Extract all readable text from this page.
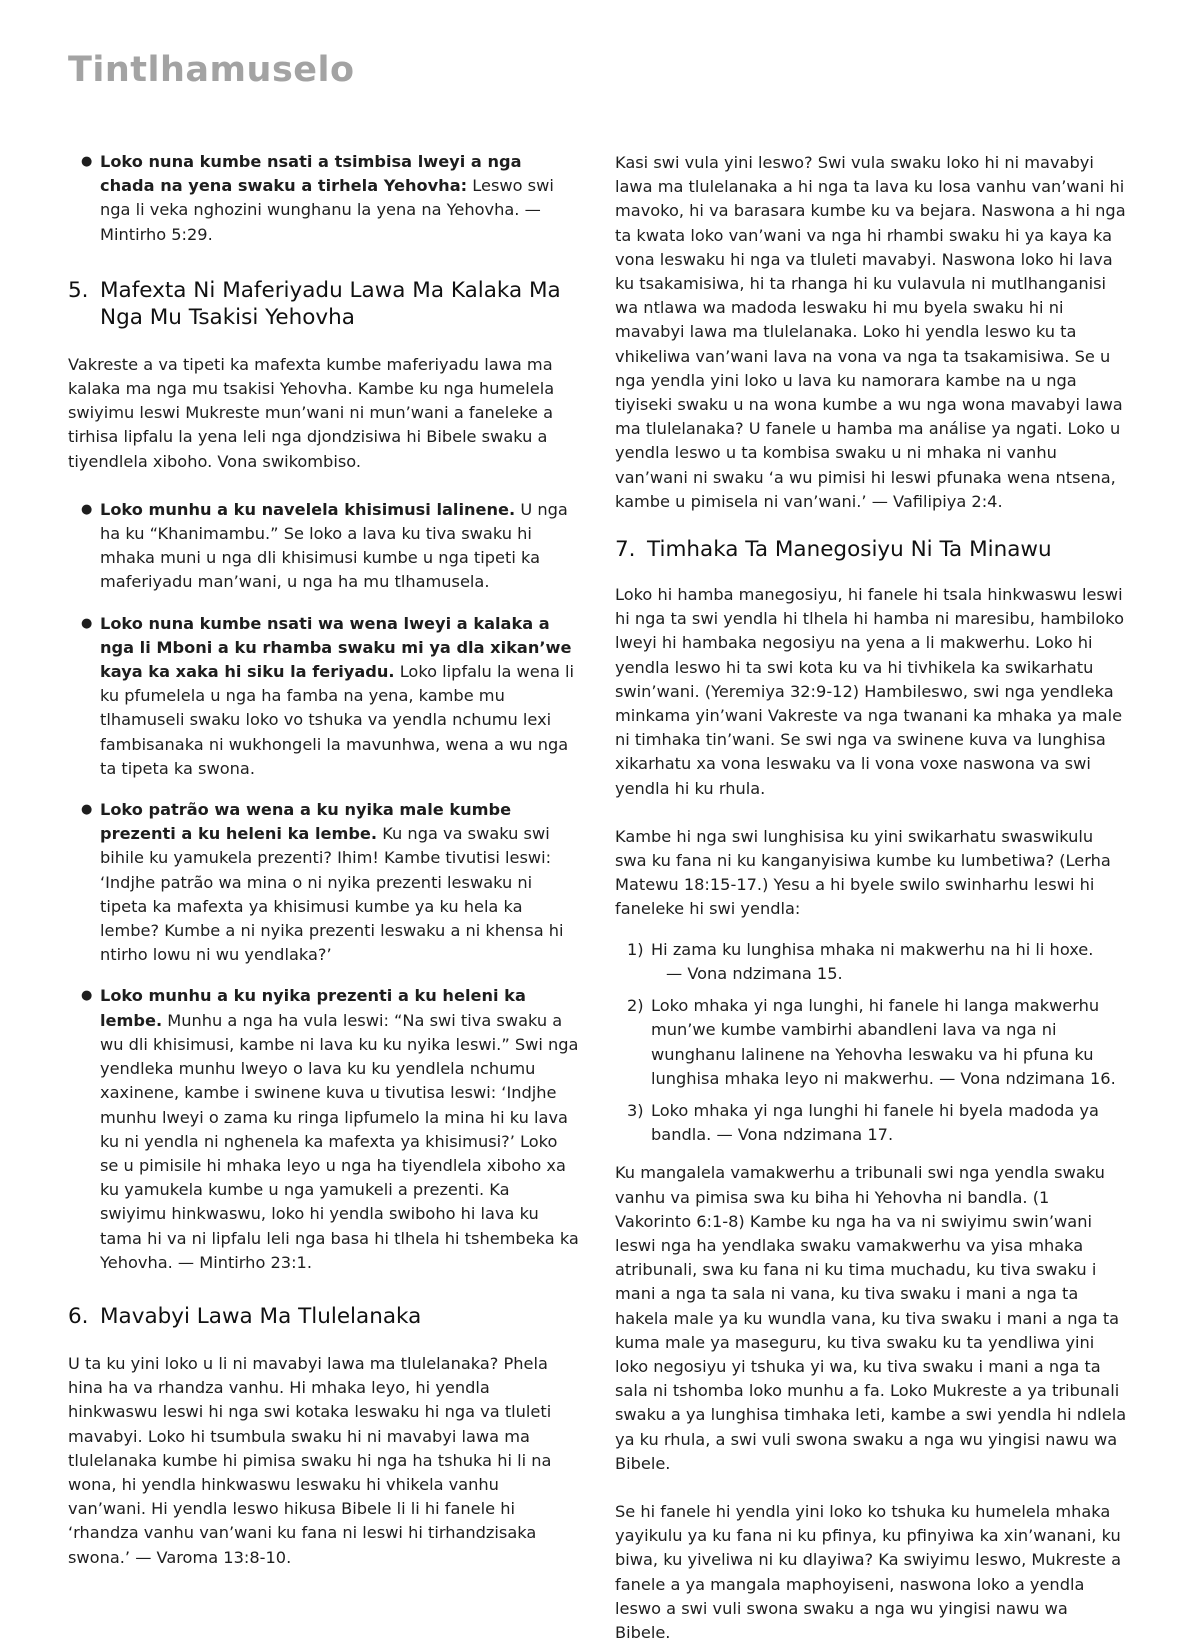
Tintlhamuselo
● Loko nuna kumbe nsati a tsimbisa lweyi a nga chada na yena swaku a tirhela Yehovha: Leswo swi nga li veka nghozini wunghanu la yena na Yehovha. — Mintirho 5:29.
5. Mafexta Ni Maferiyadu Lawa Ma Kalaka Ma Nga Mu Tsakisi Yehovha

Vakreste a va tipeti ka mafexta kumbe maferiyadu lawa ma kalaka ma nga mu tsakisi Yehovha. Kambe ku nga humelela swiyimu leswi Mukreste mun’wani ni mun’wani a faneleke a tirhisa lipfalu la yena leli nga djondzisiwa hi Bibele swaku a tiyendlela xiboho. Vona swikombiso.

● Loko munhu a ku navelela khisimusi lalinene. U nga ha ku “Khanimambu.” Se loko a lava ku tiva swaku hi mhaka muni u nga dli khisimusi kumbe u nga tipeti ka maferiyadu man’wani, u nga ha mu tlhamusela.
● Loko nuna kumbe nsati wa wena lweyi a kalaka a nga li Mboni a ku rhamba swaku mi ya dla xikan’we kaya ka xaka hi siku la feriyadu. Loko lipfalu la wena li ku pfumelela u nga ha famba na yena, kambe mu tlhamuseli swaku loko vo tshuka va yendla nchumu lexi fambisanaka ni wukhongeli la mavunhwa, wena a wu nga ta tipeta ka swona.
● Loko patrão wa wena a ku nyika male kumbe prezenti a ku heleni ka lembe. Ku nga va swaku swi bihile ku yamukela prezenti? Ihim! Kambe tivutisi leswi: ‘Indjhe patrão wa mina o ni nyika prezenti leswaku ni tipeta ka mafexta ya khisimusi kumbe ya ku hela ka lembe? Kumbe a ni nyika prezenti leswaku a ni khensa hi ntirho lowu ni wu yendlaka?’
● Loko munhu a ku nyika prezenti a ku heleni ka lembe. Munhu a nga ha vula leswi: “Na swi tiva swaku a wu dli khisimusi, kambe ni lava ku ku nyika leswi.” Swi nga yendleka munhu lweyo o lava ku ku yendlela nchumu xaxinene, kambe i swinene kuva u tivutisa leswi: ‘Indjhe munhu lweyi o zama ku ringa lipfumelo la mina hi ku lava ku ni yendla ni nghenela ka mafexta ya khisimusi?’ Loko se u pimisile hi mhaka leyo u nga ha tiyendlela xiboho xa ku yamukela kumbe u nga yamukeli a prezenti. Ka swiyimu hinkwaswu, loko hi yendla swiboho hi lava ku tama hi va ni lipfalu leli nga basa hi tlhela hi tshembeka ka Yehovha. — Mintirho 23:1.
6. Mavabyi Lawa Ma Tlulelanaka

U ta ku yini loko u li ni mavabyi lawa ma tlulelanaka? Phela hina ha va rhandza vanhu. Hi mhaka leyo, hi yendla hinkwaswu leswi hi nga swi kotaka leswaku hi nga va tluleti mavabyi. Loko hi tsumbula swaku hi ni mavabyi lawa ma tlulelanaka kumbe hi pimisa swaku hi nga ha tshuka hi li na wona, hi yendla hinkwaswu leswaku hi vhikela vanhu van’wani. Hi yendla leswo hikusa Bibele li li hi fanele hi ‘rhandza vanhu van’wani ku fana ni leswi hi tirhandzisaka swona.’ — Varoma 13:8-10.

Kasi swi vula yini leswo? Swi vula swaku loko hi ni mavabyi lawa ma tlulelanaka a hi nga ta lava ku losa vanhu van’wani hi mavoko, hi va barasara kumbe ku va bejara. Naswona a hi nga ta kwata loko van’wani va nga hi rhambi swaku hi ya kaya ka vona leswaku hi nga va tluleti mavabyi. Naswona loko hi lava ku tsakamisiwa, hi ta rhanga hi ku vulavula ni mutlhanganisi wa ntlawa wa madoda leswaku hi mu byela swaku hi ni mavabyi lawa ma tlulelanaka. Loko hi yendla leswo ku ta vhikeliwa van’wani lava na vona va nga ta tsakamisiwa. Se u nga yendla yini loko u lava ku namorara kambe na u nga tiyiseki swaku u na wona kumbe a wu nga wona mavabyi lawa ma tlulelanaka? U fanele u hamba ma análise ya ngati. Loko u yendla leswo u ta kombisa swaku u ni mhaka ni vanhu van’wani ni swaku ‘a wu pimisi hi leswi pfunaka wena ntsena, kambe u pimisela ni van’wani.’ — Vafilipiya 2:4.

7. Timhaka Ta Manegosiyu Ni Ta Minawu

Loko hi hamba manegosiyu, hi fanele hi tsala hinkwaswu leswi hi nga ta swi yendla hi tlhela hi hamba ni maresibu, hambiloko lweyi hi hambaka negosiyu na yena a li makwerhu. Loko hi yendla leswo hi ta swi kota ku va hi tivhikela ka swikarhatu swin’wani. (Yeremiya 32:9-12) Hambileswo, swi nga yendleka minkama yin’wani Vakreste va nga twanani ka mhaka ya male ni timhaka tin’wani. Se swi nga va swinene kuva va lunghisa xikarhatu xa vona leswaku va li vona voxe naswona va swi yendla hi ku rhula.

Kambe hi nga swi lunghisisa ku yini swikarhatu swaswikulu swa ku fana ni ku kanganyisiwa kumbe ku lumbetiwa? (Lerha Matewu 18:15-17.) Yesu a hi byele swilo swinharhu leswi hi faneleke hi swi yendla:

1) Hi zama ku lunghisa mhaka ni makwerhu na hi li hoxe.
— Vona ndzimana 15.
2) Loko mhaka yi nga lunghi, hi fanele hi langa makwerhu mun’we kumbe vambirhi abandleni lava va nga ni wunghanu lalinene na Yehovha leswaku va hi pfuna ku lunghisa mhaka leyo ni makwerhu. — Vona ndzimana 16.
3) Loko mhaka yi nga lunghi hi fanele hi byela madoda ya bandla. — Vona ndzimana 17.

Ku mangalela vamakwerhu a tribunali swi nga yendla swaku vanhu va pimisa swa ku biha hi Yehovha ni bandla. (1 Vakorinto 6:1-8) Kambe ku nga ha va ni swiyimu swin’wani leswi nga ha yendlaka swaku vamakwerhu va yisa mhaka atribunali, swa ku fana ni ku tima muchadu, ku tiva swaku i mani a nga ta sala ni vana, ku tiva swaku i mani a nga ta hakela male ya ku wundla vana, ku tiva swaku i mani a nga ta kuma male ya maseguru, ku tiva swaku ku ta yendliwa yini loko negosiyu yi tshuka yi wa, ku tiva swaku i mani a nga ta sala ni tshomba loko munhu a fa. Loko Mukreste a ya tribunali swaku a ya lunghisa timhaka leti, kambe a swi yendla hi ndlela ya ku rhula, a swi vuli swona swaku a nga wu yingisi nawu wa Bibele.

Se hi fanele hi yendla yini loko ko tshuka ku humelela mhaka yayikulu ya ku fana ni ku pfinya, ku pfinyiwa ka xin’wanani, ku biwa, ku yiveliwa ni ku dlayiwa? Ka swiyimu leswo, Mukreste a fanele a ya mangala maphoyiseni, naswona loko a yendla leswo a swi vuli swona swaku a nga wu yingisi nawu wa Bibele.
